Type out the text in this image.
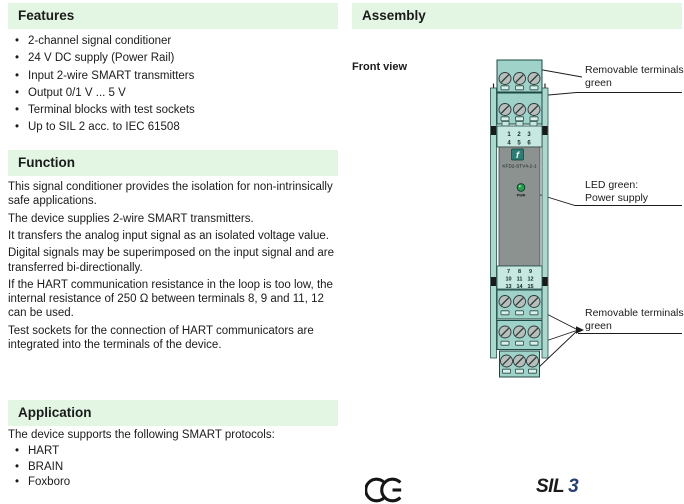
Features
Function
Application
Assembly
• 2-channel signal conditioner
• 24 V DC supply (Power Rail)
• Input 2-wire SMART transmitters
• Output 0/1 V ... 5 V
• Terminal blocks with test sockets
• Up to SIL 2 acc. to IEC 61508

This signal conditioner provides the isolation for non-intrinsically safe applications.

The device supplies 2-wire SMART transmitters.

It transfers the analog input signal as an isolated voltage value.

Digital signals may be superimposed on the input signal and are transferred bi-directionally.

If the HART communication resistance in the loop is too low, the internal resistance of 250 Ω between terminals 8, 9 and 11, 12 can be used.

Test sockets for the connection of HART communicators are integrated into the terminals of the device.

The device supports the following SMART protocols:

• HART
• BRAIN
• Foxboro
Front view
1 2 3
4 5 6
f
KFD2-STV4-2-1
PWR
7 8 9
10 11 12
13 14 15
Removable terminals
green
LED green:
Power supply
Removable terminals
green
SIL 3
